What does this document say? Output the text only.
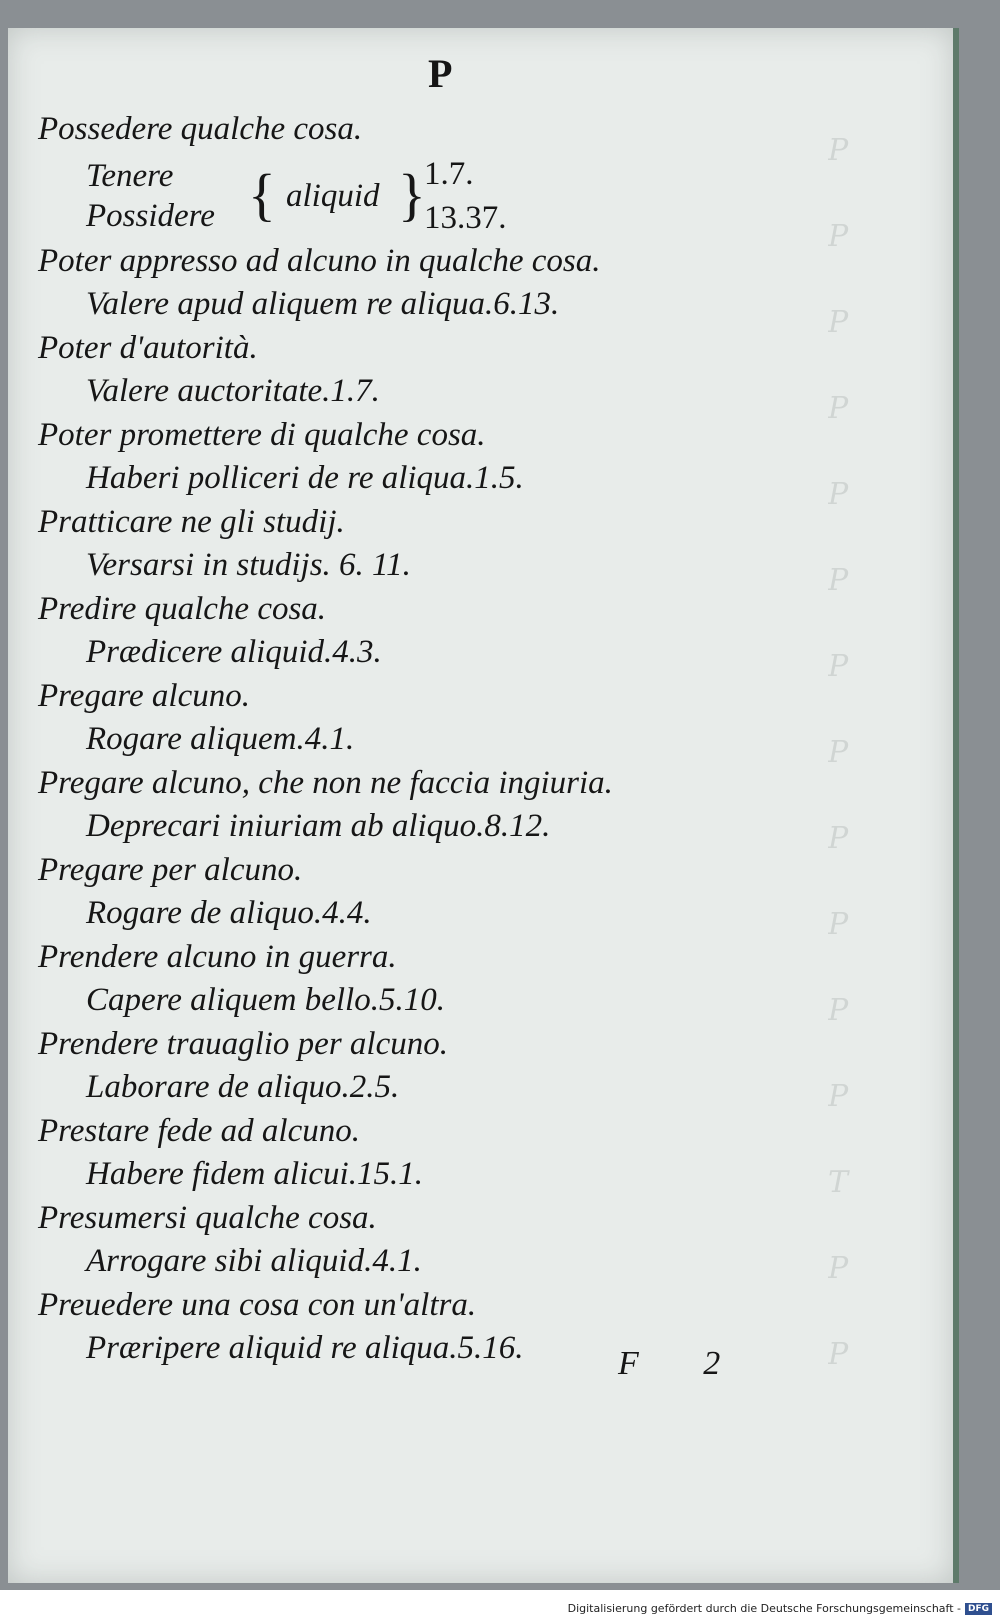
P
P
P
P
P
P
P
P
P
P
P
P
T
P
P
P
Possedere qualche cosa.
Tenere
Possidere { aliquid }
1.7.
13.37.
Poter appresso ad alcuno in qualche cosa.
Valere apud aliquem re aliqua.6.13.
Poter d'autorità.
Valere auctoritate.1.7.
Poter promettere di qualche cosa.
Haberi polliceri de re aliqua.1.5.
Pratticare ne gli studij.
Versarsi in studijs. 6. 11.
Predire qualche cosa.
Prædicere aliquid.4.3.
Pregare alcuno.
Rogare aliquem.4.1.
Pregare alcuno, che non ne faccia ingiuria.
Deprecari iniuriam ab aliquo.8.12.
Pregare per alcuno.
Rogare de aliquo.4.4.
Prendere alcuno in guerra.
Capere aliquem bello.5.10.
Prendere trauaglio per alcuno.
Laborare de aliquo.2.5.
Prestare fede ad alcuno.
Habere fidem alicui.15.1.
Presumersi qualche cosa.
Arrogare sibi aliquid.4.1.
Preuedere una cosa con un'altra.
Præripere aliquid re aliqua.5.16.	F 2
Digitalisierung gefördert durch die Deutsche Forschungsgemeinschaft - DFG
